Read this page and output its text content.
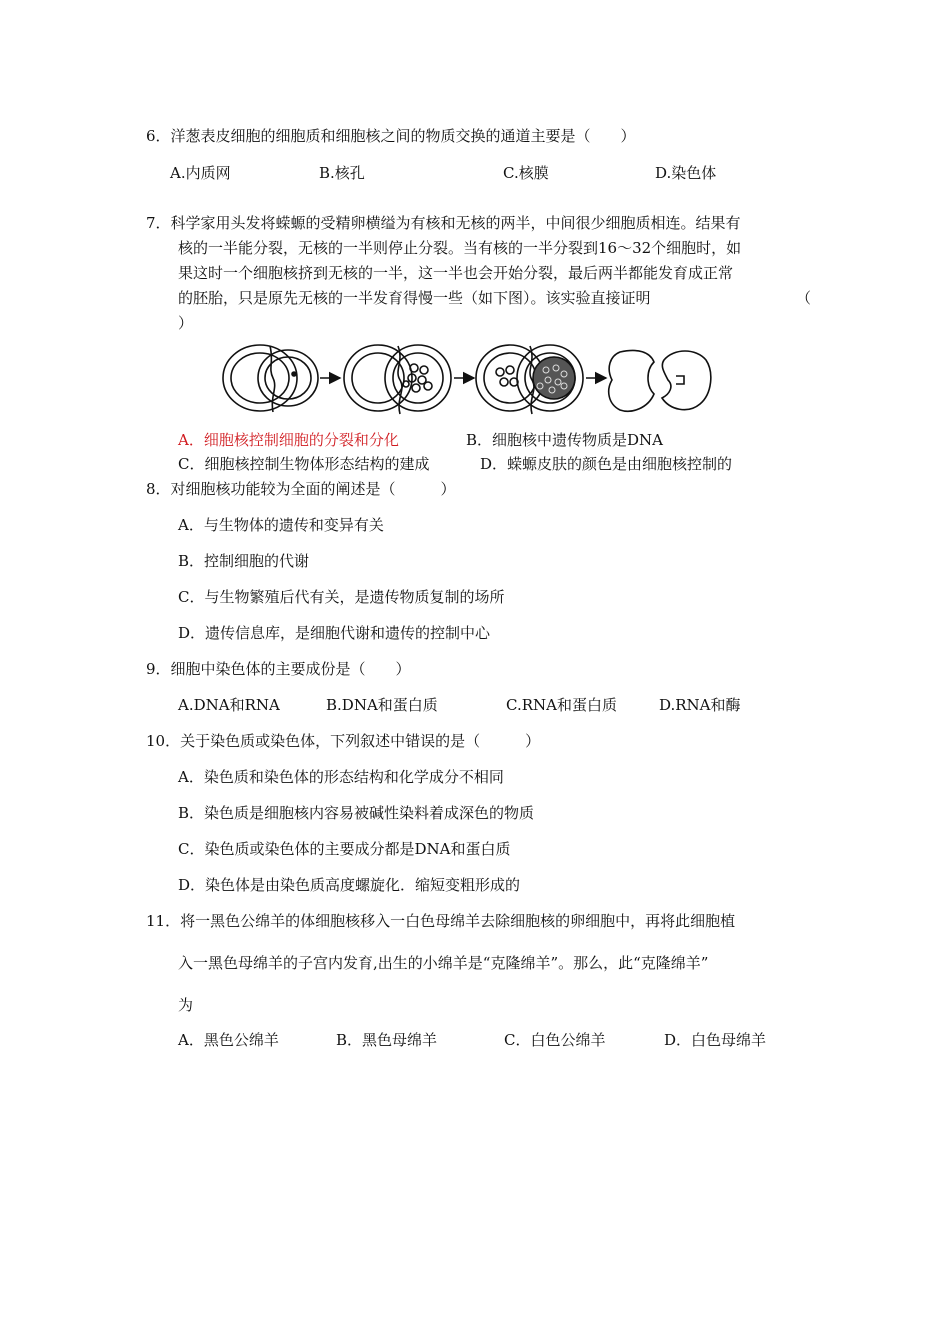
6．洋葱表皮细胞的细胞质和细胞核之间的物质交换的通道主要是（　　）
A.内质网	B.核孔	C.核膜	D.染色体
7．科学家用头发将蝾螈的受精卵横缢为有核和无核的两半，中间很少细胞质相连。结果有
核的一半能分裂，无核的一半则停止分裂。当有核的一半分裂到16～32个细胞时，如
果这时一个细胞核挤到无核的一半，这一半也会开始分裂，最后两半都能发育成正常
的胚胎，只是原先无核的一半发育得慢一些（如下图）。该实验直接证明	（
）
A．细胞核控制细胞的分裂和分化	B．细胞核中遗传物质是DNA
C．细胞核控制生物体形态结构的建成	D．蝾螈皮肤的颜色是由细胞核控制的
8．对细胞核功能较为全面的阐述是（　　　）
A．与生物体的遗传和变异有关
B．控制细胞的代谢
C．与生物繁殖后代有关，是遗传物质复制的场所
D．遗传信息库，是细胞代谢和遗传的控制中心
9．细胞中染色体的主要成份是（　　）
A.DNA和RNA	B.DNA和蛋白质	C.RNA和蛋白质	D.RNA和酶
10．关于染色质或染色体，下列叙述中错误的是（　　　）
A．染色质和染色体的形态结构和化学成分不相同
B．染色质是细胞核内容易被碱性染料着成深色的物质
C．染色质或染色体的主要成分都是DNA和蛋白质
D．染色体是由染色质高度螺旋化．缩短变粗形成的
11．将一黑色公绵羊的体细胞核移入一白色母绵羊去除细胞核的卵细胞中，再将此细胞植
入一黑色母绵羊的子宫内发育,出生的小绵羊是“克隆绵羊”。那么，此“克隆绵羊”
为
A．黑色公绵羊	B．黑色母绵羊	C．白色公绵羊	D．白色母绵羊
